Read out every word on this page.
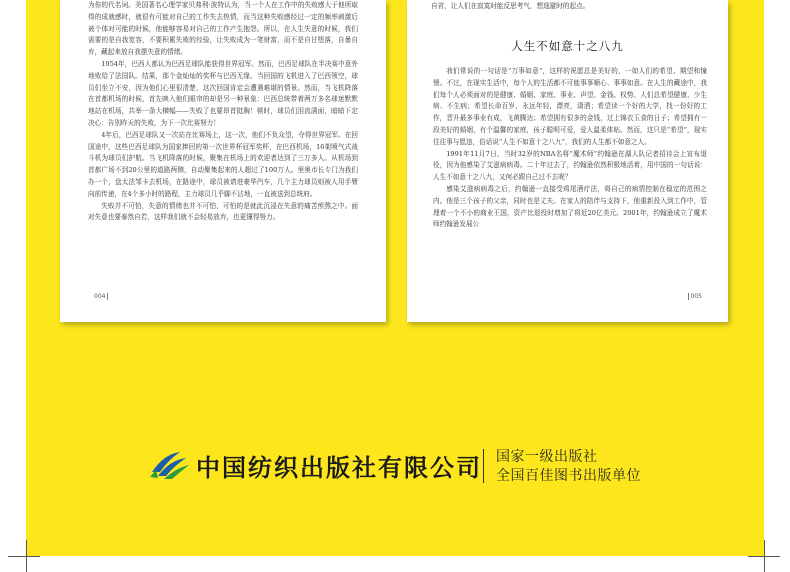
为你的代名词。美国著名心理学家贝弗利·波特认为，当一个人在工作中的失败感大于他所取得的成就感时，就很有可能对自己的工作失去热情，而当这种失败感经过一定的频率刺激后被个体对可能的时候，他能够容易对自己的工作产生抱怨。所以，在人生失意的时候，我们需要的是自我宽容，不要积累失败的经验，让失败成为一笔财富，而不是自甘堕落，自暴自弃，藏起来放自我摆失意的情绪。

1954年，巴西人都认为巴西足球队能获得世界冠军。然而，巴西足球队在半决赛中意外地败给了法国队。结果，那个金灿灿的奖杯与巴西无缘。当回国的飞机进入了巴西领空，球员们坐立不安，因为他们心里很清楚，这次回国肯定会遭遇难堪的情景。然而，当飞机降落在首都机场的时候，首先映入他们眼帘的却是另一种景象：巴西总统带着两万多名球迷默默地站在机场，共举一条大横幅——失败了也要昂首挺胸！顿时，球员们泪流满面，暗暗下定决心：告别昨天的失败，为下一次比赛努力！

4年后，巴西足球队又一次站在比赛场上，这一次，他们不负众望，夺得世界冠军。在回国途中，这些巴西足球队为国家捧回的第一次世界杯冠军奖杯，在巴西机场，16架喷气式战斗机为球员们护航。当飞机降落的时候，聚集在机场上的欢迎者达到了三万多人。从机场到首都广场不到20公里的道路两侧，自动聚集起来的人超过了100万人。里奥市长专门为我们办一个，盘太法邹卡去机场，在路途中，球员被请进豪华汽车，几个主力球员则被人用手臂向前传递，在4个多小时的路程，主力球员几乎脚不沾地，一直被送到总统府。

失败并不可怕，失意的情绪也并不可怕，可怕的是就此沉浸在失意的痛苦煎熬之中。面对失意也要泰然自若，这样我们就不会轻易放弃，也更懂得努力。

004
自省，让人们在寂寞时能反思考气，想逸避时的起点。
人生不如意十之八九

我们常说的一句话是“万事如意”，这样的祝愿总是美好的，一如人们的希望、期望和憧憬。不过，在现实生活中，每个人的生活都不可能事事顺心、事事如意。在人生的藏途中，我们每个人必须面对的是健康、婚姻、家庭、事业、声望、金钱、权势。人们总希望健康、少生病、不生病；希望长命百岁，永远年轻，漂亮，潇洒；希望读一个好的大学，找一份好的工作，晋升最多事业有成，飞黄腾达；希望拥有很多的金钱，过上锦衣玉食的日子；希望拥有一段美好的婚姻，有个温馨的家庭，孩子聪明可爱，爱人温柔体贴。然而，这只是“希望”，现实往往事与愿违，俗话说“人生不如意十之八九”，我们的人生都不如意之人。

1991年11月7日，当时32岁的NBA名将“魔术师”约翰逊在湖人队记者招待会上宣布退役，因为他感染了艾滋病病毒。二十年过去了，约翰逊依然积极地活着，用中国的一句话说：人生不如意十之八九，又何必跟自己过不去呢？

感染艾滋病病毒之后，约翰逊一直接受鸡尾酒疗法，将自己的病情控制在稳定的范围之内。他是三个孩子的父亲，同时也是丈夫。在家人的陪伴与支持下，他重新投入到工作中，管理着一个不小的商业王国，资产比退役时增加了将近20亿美元。2001年，约翰逊成立了魔术师约翰逊发展公

005
中国纺织出版社有限公司 国家一级出版社
全国百佳图书出版单位
